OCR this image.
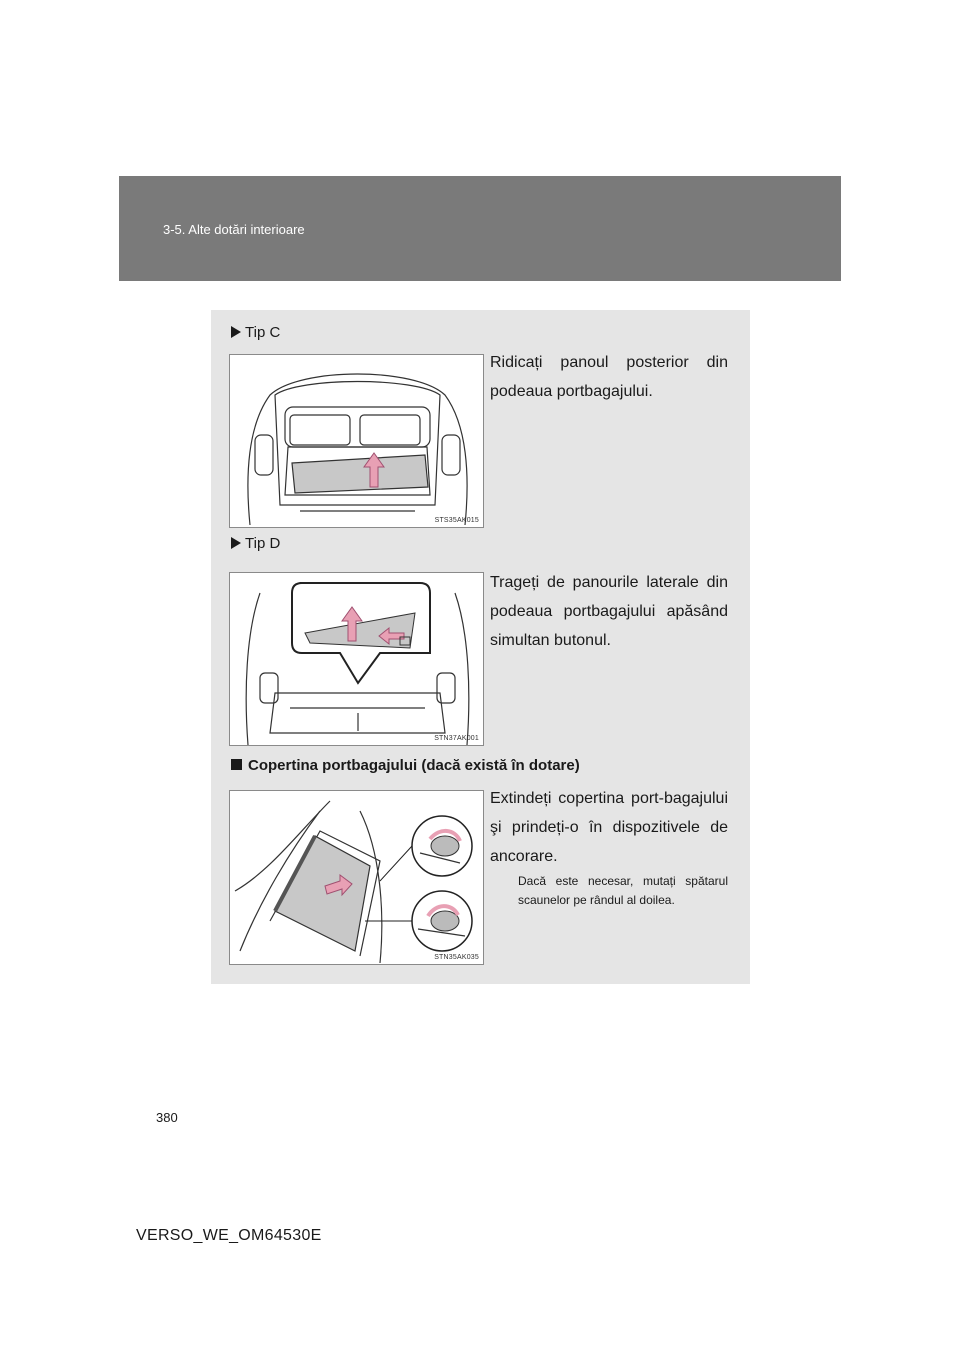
3-5. Alte dotări interioare
Tip C
Ridicați panoul posterior din podeaua portbagajului.
STS35AK015
Tip D
Trageți de panourile laterale din podeaua portbagajului apăsând simultan butonul.
STN37AK001
Copertina portbagajului (dacă există în dotare)
Extindeți copertina port-bagajului şi prindeți-o în dispozitivele de ancorare.
Dacă este necesar, mutați spătarul scaunelor pe rândul al doilea.
STN35AK035
380
VERSO_WE_OM64530E
